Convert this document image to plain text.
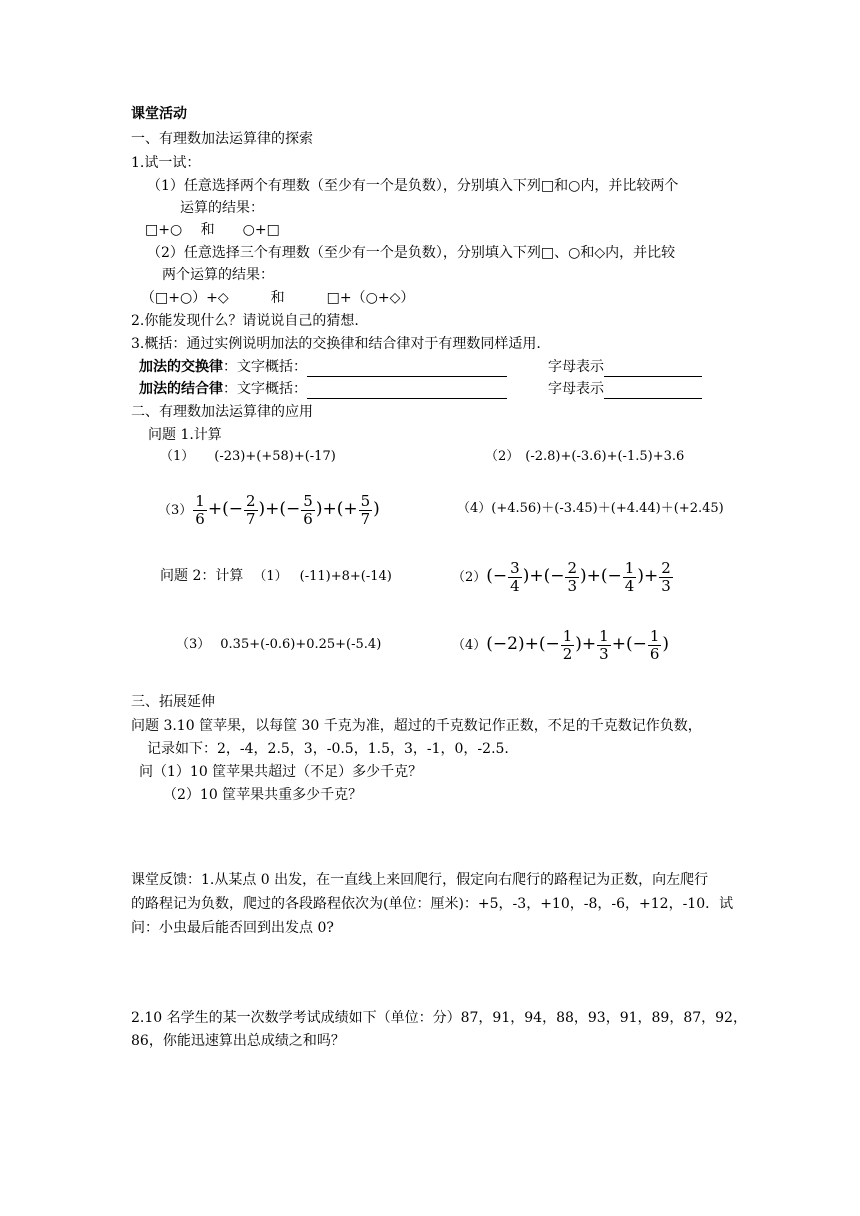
课堂活动
一、有理数加法运算律的探索
1.试一试：
（1）任意选择两个有理数（至少有一个是负数），分别填入下列□和○内，并比较两个
运算的结果：
□+○　 和　　○+□
（2）任意选择三个有理数（至少有一个是负数），分别填入下列□、○和◇内，并比较
两个运算的结果：
（□+○）+◇　　　和　　　□+（○+◇）
2.你能发现什么？请说说自己的猜想.
3.概括：通过实例说明加法的交换律和结合律对于有理数同样适用.
加法的交换律：文字概括：	字母表示
加法的结合律：文字概括：	字母表示
二、有理数加法运算律的应用
问题 1.计算
（1） (-23)+(+58)+(-17)	（2） (-2.8)+(-3.6)+(-1.5)+3.6
$(3) \frac{1}{6}$ +(− $\frac{2}{7}$ )+(− $\frac{5}{6}$ )+(+ $\frac{5}{7}$ )	（4）(+4.56)＋(-3.45)＋(+4.44)＋(+2.45)
问题 2：计算 （1） (-11)+8+(-14)	$(2)(- \frac{3}{4}$ )+(− $\frac{2}{3}$ )+(− $\frac{1}{4}$ )+ $\frac{2}{3}$
（3） 0.35+(-0.6)+0.25+(-5.4)	$(4)(-2)+(- \frac{1}{2}$ )+ $\frac{1}{3}$ +(− $\frac{1}{6}$ )
三、拓展延伸
问题 3.10 筐苹果，以每筐 30 千克为准，超过的千克数记作正数，不足的千克数记作负数，
记录如下：2，-4，2.5，3，-0.5，1.5，3，-1，0，-2.5.
问（1）10 筐苹果共超过（不足）多少千克？
（2）10 筐苹果共重多少千克？
课堂反馈：1.从某点 0 出发，在一直线上来回爬行，假定向右爬行的路程记为正数，向左爬行
的路程记为负数，爬过的各段路程依次为(单位：厘米)：+5，-3，+10，-8，-6，+12，-10．试
问：小虫最后能否回到出发点 0?
2.10 名学生的某一次数学考试成绩如下（单位：分）87，91，94，88，93，91，89，87，92，
86，你能迅速算出总成绩之和吗？
